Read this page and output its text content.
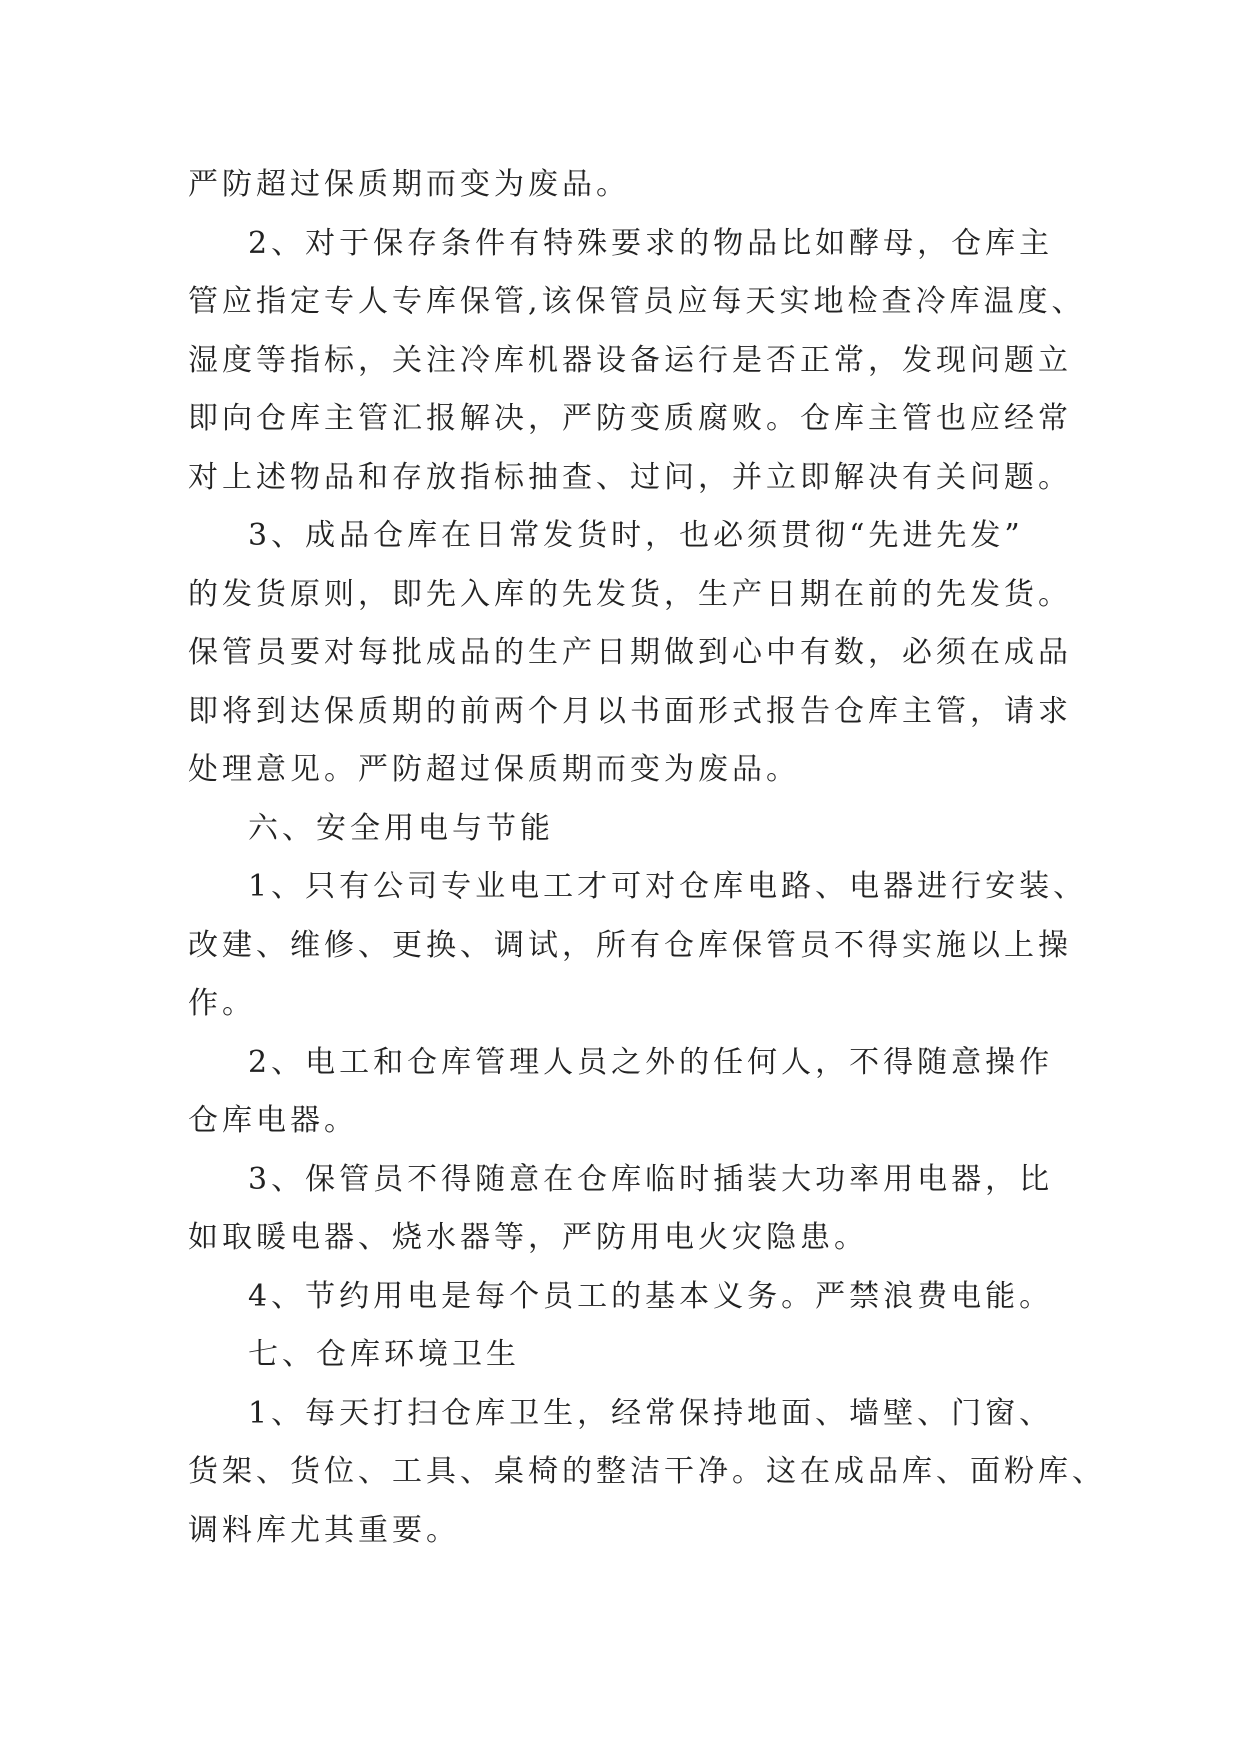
严防超过保质期而变为废品。
2、对于保存条件有特殊要求的物品比如酵母，仓库主
管应指定专人专库保管,该保管员应每天实地检查冷库温度、
湿度等指标，关注冷库机器设备运行是否正常，发现问题立
即向仓库主管汇报解决，严防变质腐败。仓库主管也应经常
对上述物品和存放指标抽查、过问，并立即解决有关问题。
3、成品仓库在日常发货时，也必须贯彻“先进先发”
的发货原则，即先入库的先发货，生产日期在前的先发货。
保管员要对每批成品的生产日期做到心中有数，必须在成品
即将到达保质期的前两个月以书面形式报告仓库主管，请求
处理意见。严防超过保质期而变为废品。
六、安全用电与节能
1、只有公司专业电工才可对仓库电路、电器进行安装、
改建、维修、更换、调试，所有仓库保管员不得实施以上操
作。
2、电工和仓库管理人员之外的任何人，不得随意操作
仓库电器。
3、保管员不得随意在仓库临时插装大功率用电器，比
如取暖电器、烧水器等，严防用电火灾隐患。
4、节约用电是每个员工的基本义务。严禁浪费电能。
七、仓库环境卫生
1、每天打扫仓库卫生，经常保持地面、墙壁、门窗、
货架、货位、工具、桌椅的整洁干净。这在成品库、面粉库、
调料库尤其重要。
